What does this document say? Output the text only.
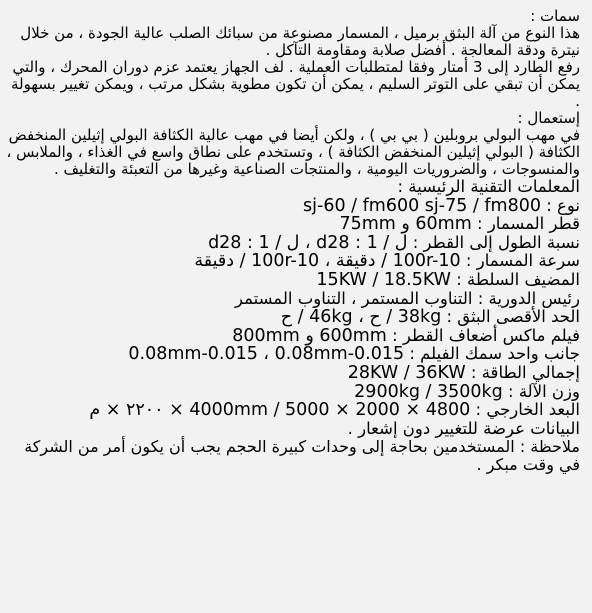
سمات :

هذا النوع من آلة البثق برميل ، المسمار مصنوعة من سبائك الصلب عالية الجودة ، من خلال نيترة ودقة المعالجة . أفضل صلابة ومقاومة التآكل .

رفع الطارد إلى 3 أمتار وفقا لمتطلبات العملية . لف الجهاز يعتمد عزم دوران المحرك ، والتي يمكن أن تبقي على التوتر السليم ، يمكن أن تكون مطوية بشكل مرتب ، ويمكن تغيير بسهولة .

إستعمال :

في مهب البولي بروبلين ( بي بي ) ، ولكن أيضا في مهب عالية الكثافة البولي إثيلين المنخفض الكثافة ( البولي إثيلين المنخفض الكثافة ) ، وتستخدم على نطاق واسع في الغذاء ، والملابس ، والمنسوجات ، والضروريات اليومية ، والمنتجات الصناعية وغيرها من التعبئة والتغليف .

المعلمات التقنية الرئيسية :

نوع : sj-60 / fm600 sj-75 / fm800

قطر المسمار : 60mm و 75mm

نسبة الطول إلى القطر : ل / 1 : d28 ، ل / 1 : d28

سرعة المسمار : 100r-10 / دقيقة ، 100r-10 / دقيقة

المضيف السلطة : 15KW / 18.5KW

رئيس الدورية : التناوب المستمر ، التناوب المستمر

الحد الأقصى البثق : 38kg / ح ، 46kg / ح

فيلم ماكس أضعاف القطر : 600mm و 800mm

جانب واحد سمك الفيلم : 0.015-0.08mm-0.015 ، 0.08mm

إجمالي الطاقة : 28KW / 36KW

وزن الآلة : 2900kg / 3500kg

البعد الخارجي : 4800 × 2000 × 4000mm / 5000 × ٢٢٠٠ × م

البيانات عرضة للتغيير دون إشعار .

ملاحظة : المستخدمين بحاجة إلى وحدات كبيرة الحجم يجب أن يكون أمر من الشركة في وقت مبكر .
